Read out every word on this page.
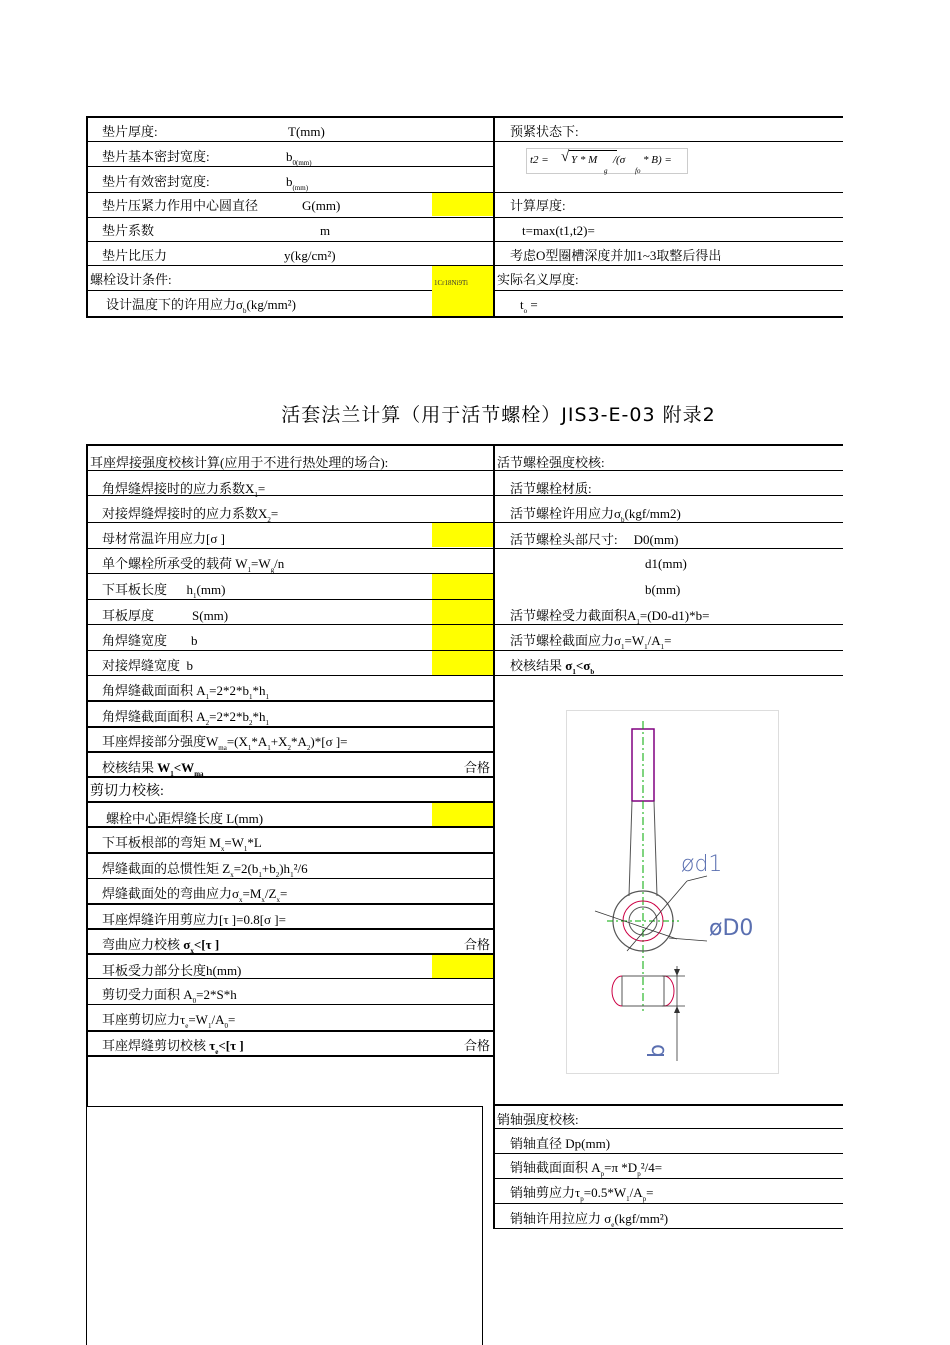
垫片厚度:	T(mm)	预紧状态下:
垫片基本密封宽度:	$b_{0(mm)}$
垫片有效密封宽度:	$b_{(mm)}$
t2 = √ Y * M
g
/(σ
fo
* B) =
垫片压紧力作用中心圆直径	G(mm)	计算厚度:
垫片系数	m	t=max(t1,t2)=
垫片比压力	y(kg/cm²)	考虑O型圈槽深度并加1~3取整后得出
螺栓设计条件:	1Cr18Ni9Ti 实际名义厚度:
设计温度下的许用应力$\sigma_b(kg/mm^2)$	$t_o$ =
活套法兰计算（用于活节螺栓）JIS3-E-03 附录2
耳座焊接强度校核计算(应用于不进行热处理的场合):
角焊缝焊接时的应力系数$X_1=$
对接焊缝焊接时的应力系数$X_2=$
母材常温许用应力[σ ]
单个螺栓所承受的载荷 $W_1=W_g/n$
下耳板长度 $h_1(mm)$
耳板厚度	S(mm)
角焊缝宽度 b
对接焊缝宽度 b
角焊缝截面面积 $A_1=2*2*b_1*h_1$
角焊缝截面面积 $A_2=2*2*b_2*h_1$
耳座焊接部分强度$W_{ma}=(X_1*A_1+X_2*A_2)*[\sigma$ ]=
校核结果 $W_1<W_{ma}$	合格
剪切力校核:
螺栓中心距焊缝长度 L(mm)
下耳板根部的弯矩 $M_x=W_1*L$
焊缝截面的总惯性矩 $Z_x=2(b_1+b_2)h_1^2/6$
焊缝截面处的弯曲应力$\sigma_x=M_x/Z_x=$
耳座焊缝许用剪应力[τ ]=0.8[σ ]=
弯曲应力校核 $\sigma_x<[\tau$ ]	合格
耳板受力部分长度h(mm)
剪切受力面积 $A_0=2*S*h$
耳座剪切应力$\tau_e=W_1/A_0=$
耳座焊缝剪切校核 $\tau_e<[\tau$ ]	合格
活节螺栓强度校核:
活节螺栓材质:
活节螺栓许用应力$\sigma_b(kgf/mm2)$
活节螺栓头部尺寸: D0(mm)
d1(mm)
b(mm)
活节螺栓受力截面积$A_1=(D0-d1)*b=$
活节螺栓截面应力$\sigma_1=W_1/A_1=$
校核结果 $\sigma_1<\sigma_b$
ød1
øD0
b
销轴强度校核:
销轴直径 Dp(mm)
销轴截面面积 $A_p=\pi$ $*D_p^2/4=$
销轴剪应力$\tau_p=0.5*W_1/A_p=$
销轴许用拉应力 $\sigma_e(kgf/mm^2)$
